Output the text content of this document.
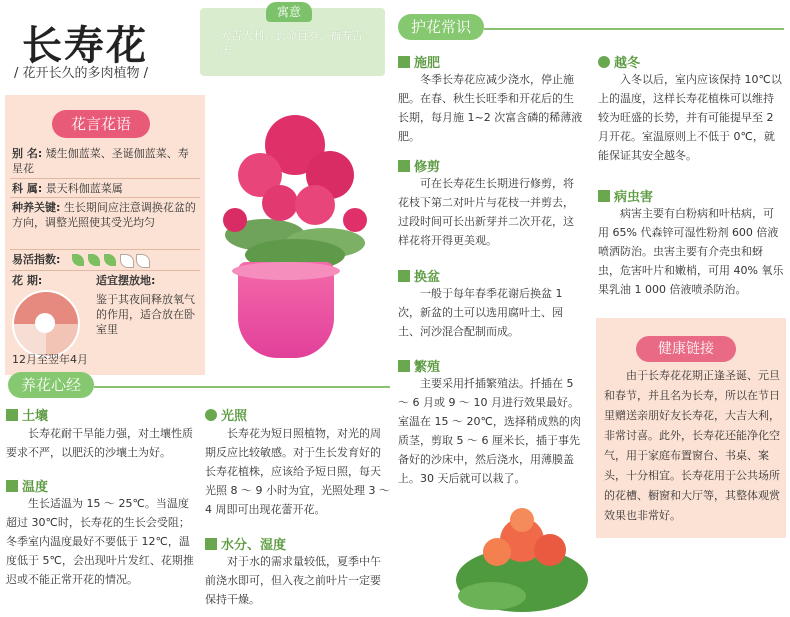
长寿花
/ 花开长久的多肉植物 /
寓意
大吉大利、长命百岁、福寿吉庆。
花言花语
别 名: 矮生伽蓝菜、圣诞伽蓝菜、寿星花
科 属: 景天科伽蓝菜属
种养关键: 生长期间应注意调换花盆的方向，调整光照使其受光均匀
易活指数:
花 期:	适宜摆放地:
鉴于其夜间释放氧气的作用，适合放在卧室里
12月至翌年4月
养花心经
土壤

长寿花耐干旱能力强，对土壤性质要求不严，以肥沃的沙壤土为好。

温度

生长适温为 15 ～ 25℃。当温度超过 30℃时，长寿花的生长会受阻；冬季室内温度最好不要低于 12℃，温度低于 5℃，会出现叶片发红、花期推迟或不能正常开花的情况。

光照

长寿花为短日照植物，对光的周期反应比较敏感。对于生长发育好的长寿花植株，应该给予短日照，每天光照 8 ～ 9 小时为宜，光照处理 3 ～ 4 周即可出现花蕾开花。

水分、湿度

对于水的需求量较低，夏季中午前浇水即可，但入夜之前叶片一定要保持干燥。

护花常识
施肥

冬季长寿花应减少浇水，停止施肥。在春、秋生长旺季和开花后的生长期，每月施 1~2 次富含磷的稀薄液肥。

修剪

可在长寿花生长期进行修剪，将花枝下第二对叶片与花枝一并剪去，过段时间可长出新芽并二次开花，这样花将开得更美观。

换盆

一般于每年春季花谢后换盆 1 次，新盆的土可以选用腐叶土、园土、河沙混合配制而成。

繁殖

主要采用扦插繁殖法。扦插在 5 ～ 6 月或 9 ～ 10 月进行效果最好。室温在 15 ～ 20℃，选择稍成熟的肉质茎，剪取 5 ～ 6 厘米长，插于事先备好的沙床中，然后浇水，用薄膜盖上。30 天后就可以栽了。

越冬

入冬以后，室内应该保持 10℃以上的温度，这样长寿花植株可以维持较为旺盛的长势，并有可能提早至 2 月开花。室温原则上不低于 0℃，就能保证其安全越冬。

病虫害

病害主要有白粉病和叶枯病，可用 65% 代森锌可湿性粉剂 600 倍液喷洒防治。虫害主要有介壳虫和蚜虫，危害叶片和嫩梢，可用 40% 氧乐果乳油 1 000 倍液喷杀防治。

健康链接

由于长寿花花期正逢圣诞、元旦和春节，并且名为长寿，所以在节日里赠送亲朋好友长寿花，大吉大利，非常讨喜。此外，长寿花还能净化空气，用于家庭布置窗台、书桌、案头，十分相宜。长寿花用于公共场所的花槽、橱窗和大厅等，其整体观赏效果也非常好。
